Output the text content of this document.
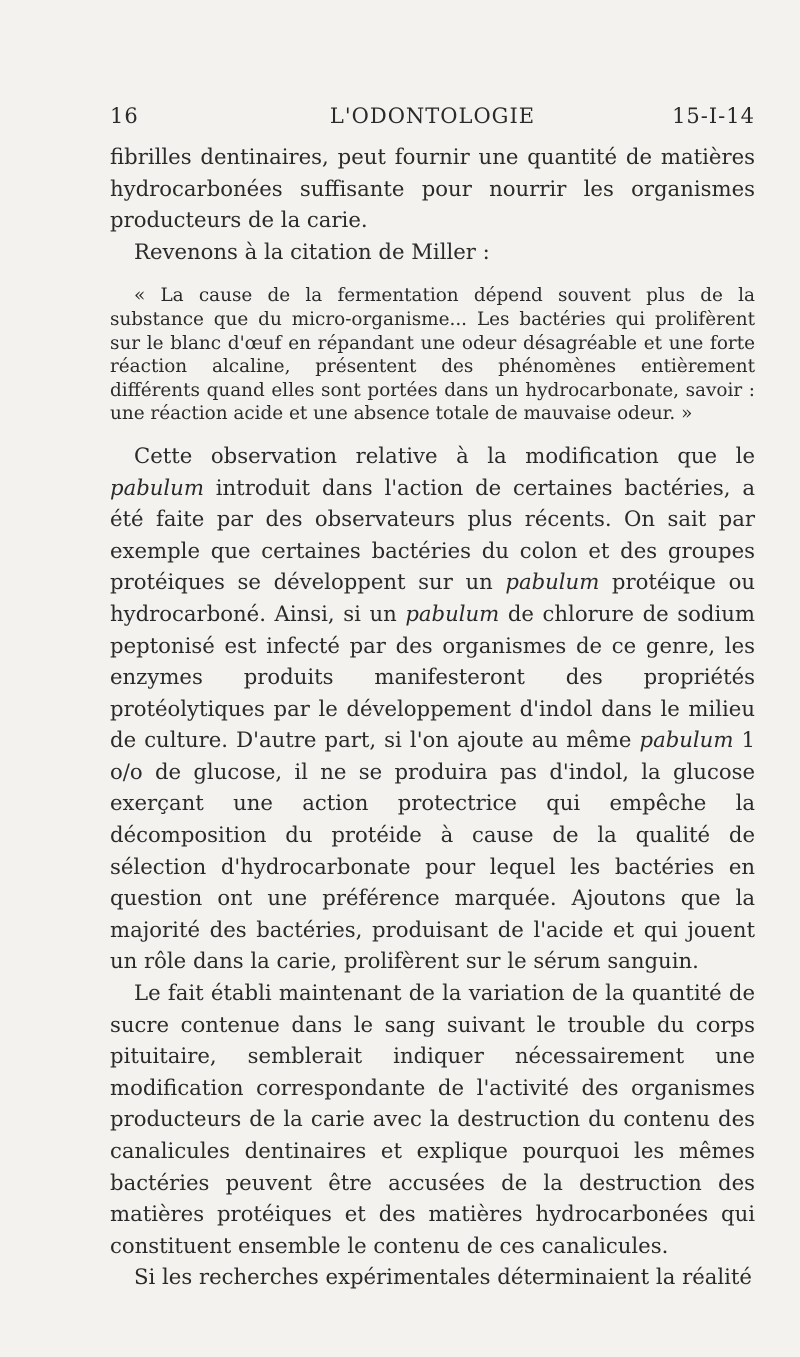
16	L'ODONTOLOGIE	15-I-14

fibrilles dentinaires, peut fournir une quantité de matières hydrocarbonées suffisante pour nourrir les organismes producteurs de la carie.

Revenons à la citation de Miller :

« La cause de la fermentation dépend souvent plus de la substance que du micro-organisme... Les bactéries qui prolifèrent sur le blanc d'œuf en répandant une odeur désagréable et une forte réaction alcaline, présentent des phénomènes entièrement différents quand elles sont portées dans un hydrocarbonate, savoir : une réaction acide et une absence totale de mauvaise odeur. »

Cette observation relative à la modification que le pabulum introduit dans l'action de certaines bactéries, a été faite par des observateurs plus récents. On sait par exemple que certaines bactéries du colon et des groupes protéiques se développent sur un pabulum protéique ou hydrocarboné. Ainsi, si un pabulum de chlorure de sodium peptonisé est infecté par des organismes de ce genre, les enzymes produits manifesteront des propriétés protéolytiques par le développement d'indol dans le milieu de culture. D'autre part, si l'on ajoute au même pabulum 1 o/o de glucose, il ne se produira pas d'indol, la glucose exerçant une action protectrice qui empêche la décomposition du protéide à cause de la qualité de sélection d'hydrocarbonate pour lequel les bactéries en question ont une préférence marquée. Ajoutons que la majorité des bactéries, produisant de l'acide et qui jouent un rôle dans la carie, prolifèrent sur le sérum sanguin.

Le fait établi maintenant de la variation de la quantité de sucre contenue dans le sang suivant le trouble du corps pituitaire, semblerait indiquer nécessairement une modification correspondante de l'activité des organismes producteurs de la carie avec la destruction du contenu des canalicules dentinaires et explique pourquoi les mêmes bactéries peuvent être accusées de la destruction des matières protéiques et des matières hydrocarbonées qui constituent ensemble le contenu de ces canalicules.

Si les recherches expérimentales déterminaient la réalité
